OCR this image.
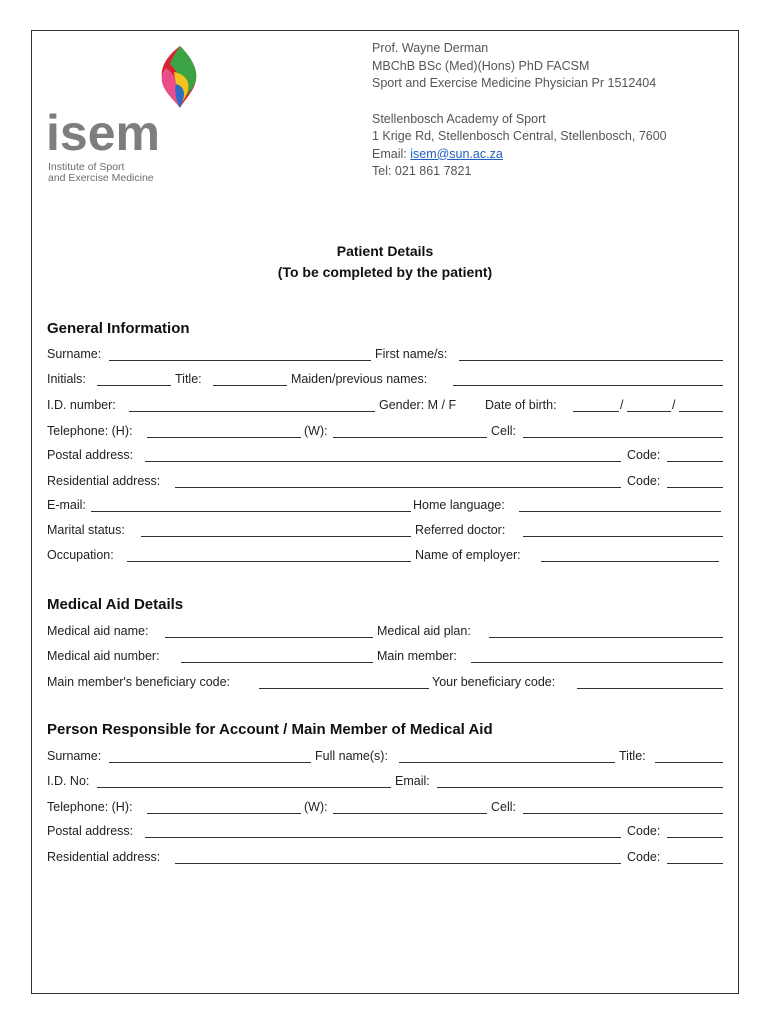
isem
Institute of Sport
and Exercise Medicine
Prof. Wayne Derman
MBChB BSc (Med)(Hons) PhD FACSM
Sport and Exercise Medicine Physician Pr 1512404
Stellenbosch Academy of Sport
1 Krige Rd, Stellenbosch Central, Stellenbosch, 7600
Email: isem@sun.ac.za
Tel: 021 861 7821
Patient Details
(To be completed by the patient)
General Information
Surname:	First name/s:
Initials:	Title:	Maiden/previous names:
I.D. number:	Gender: M / F Date of birth:	/	/
Telephone: (H):	(W):	Cell:
Postal address:	Code:
Residential address:	Code:
E-mail:	Home language:
Marital status:	Referred doctor:
Occupation:	Name of employer:
Medical Aid Details
Medical aid name:	Medical aid plan:
Medical aid number:	Main member:
Main member's beneficiary code:	Your beneficiary code:
Person Responsible for Account / Main Member of Medical Aid
Surname:	Full name(s):	Title:
I.D. No:	Email:
Telephone: (H):	(W):	Cell:
Postal address:	Code:
Residential address:	Code:
